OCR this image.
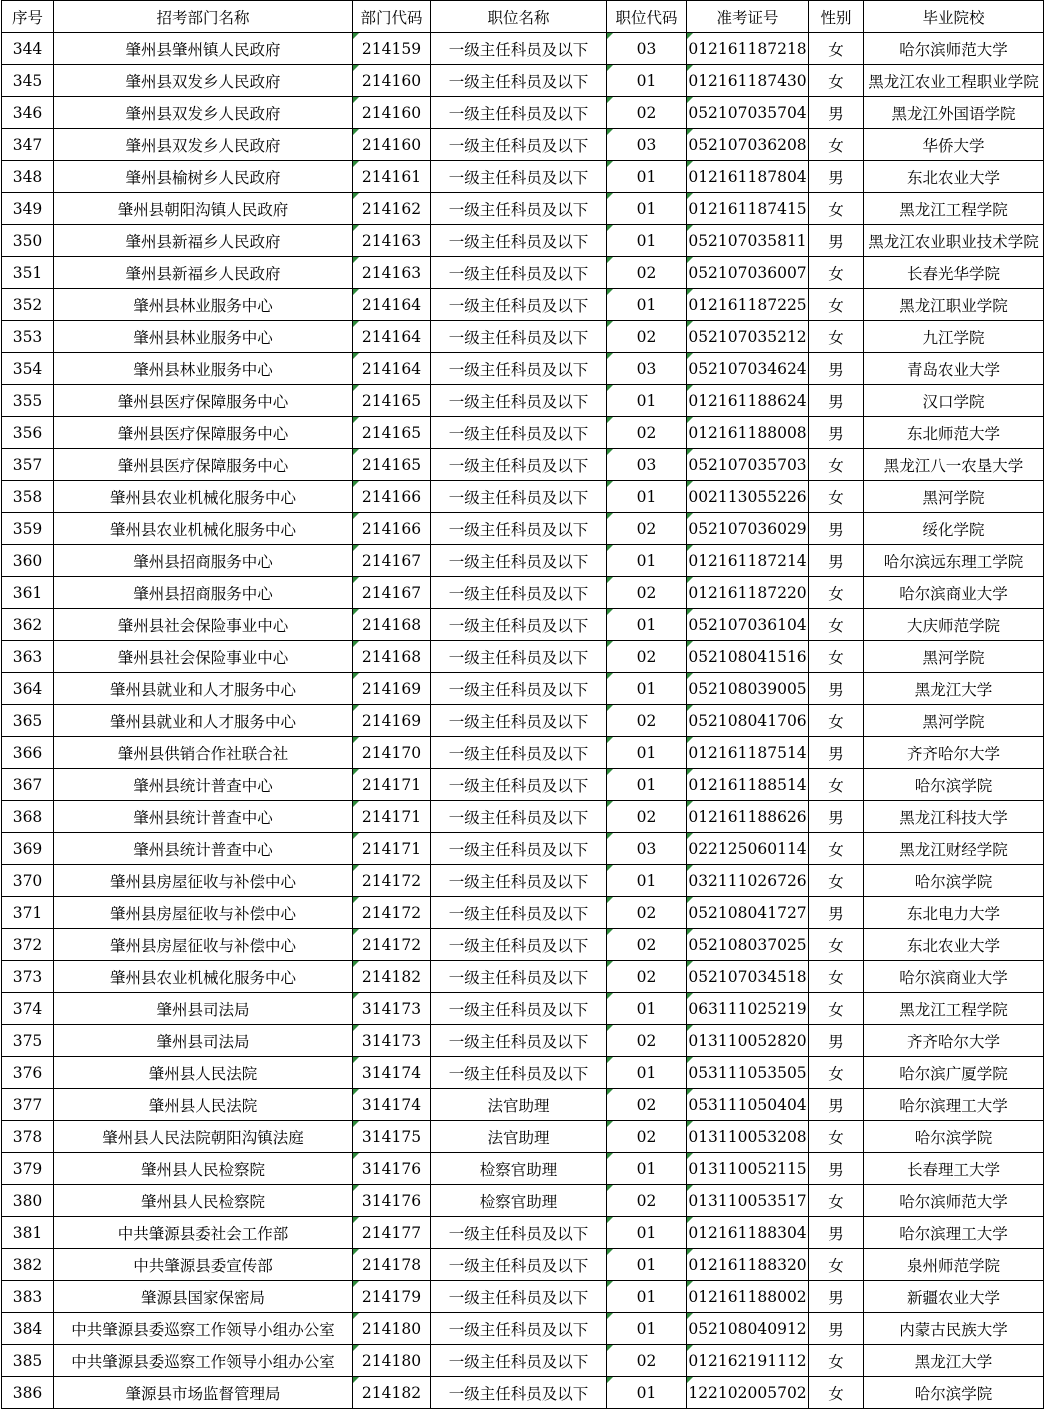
序号	招考部门名称	部门代码	职位名称	职位代码	准考证号	性别	毕业院校
344	肇州县肇州镇人民政府	214159	一级主任科员及以下	03	012161187218	女	哈尔滨师范大学
345	肇州县双发乡人民政府	214160	一级主任科员及以下	01	012161187430	女	黑龙江农业工程职业学院
346	肇州县双发乡人民政府	214160	一级主任科员及以下	02	052107035704	男	黑龙江外国语学院
347	肇州县双发乡人民政府	214160	一级主任科员及以下	03	052107036208	女	华侨大学
348	肇州县榆树乡人民政府	214161	一级主任科员及以下	01	012161187804	男	东北农业大学
349	肇州县朝阳沟镇人民政府	214162	一级主任科员及以下	01	012161187415	女	黑龙江工程学院
350	肇州县新福乡人民政府	214163	一级主任科员及以下	01	052107035811	男	黑龙江农业职业技术学院
351	肇州县新福乡人民政府	214163	一级主任科员及以下	02	052107036007	女	长春光华学院
352	肇州县林业服务中心	214164	一级主任科员及以下	01	012161187225	女	黑龙江职业学院
353	肇州县林业服务中心	214164	一级主任科员及以下	02	052107035212	女	九江学院
354	肇州县林业服务中心	214164	一级主任科员及以下	03	052107034624	男	青岛农业大学
355	肇州县医疗保障服务中心	214165	一级主任科员及以下	01	012161188624	男	汉口学院
356	肇州县医疗保障服务中心	214165	一级主任科员及以下	02	012161188008	男	东北师范大学
357	肇州县医疗保障服务中心	214165	一级主任科员及以下	03	052107035703	女	黑龙江八一农垦大学
358	肇州县农业机械化服务中心	214166	一级主任科员及以下	01	002113055226	女	黑河学院
359	肇州县农业机械化服务中心	214166	一级主任科员及以下	02	052107036029	男	绥化学院
360	肇州县招商服务中心	214167	一级主任科员及以下	01	012161187214	男	哈尔滨远东理工学院
361	肇州县招商服务中心	214167	一级主任科员及以下	02	012161187220	女	哈尔滨商业大学
362	肇州县社会保险事业中心	214168	一级主任科员及以下	01	052107036104	女	大庆师范学院
363	肇州县社会保险事业中心	214168	一级主任科员及以下	02	052108041516	女	黑河学院
364	肇州县就业和人才服务中心	214169	一级主任科员及以下	01	052108039005	男	黑龙江大学
365	肇州县就业和人才服务中心	214169	一级主任科员及以下	02	052108041706	女	黑河学院
366	肇州县供销合作社联合社	214170	一级主任科员及以下	01	012161187514	男	齐齐哈尔大学
367	肇州县统计普查中心	214171	一级主任科员及以下	01	012161188514	女	哈尔滨学院
368	肇州县统计普查中心	214171	一级主任科员及以下	02	012161188626	男	黑龙江科技大学
369	肇州县统计普查中心	214171	一级主任科员及以下	03	022125060114	女	黑龙江财经学院
370	肇州县房屋征收与补偿中心	214172	一级主任科员及以下	01	032111026726	女	哈尔滨学院
371	肇州县房屋征收与补偿中心	214172	一级主任科员及以下	02	052108041727	男	东北电力大学
372	肇州县房屋征收与补偿中心	214172	一级主任科员及以下	02	052108037025	女	东北农业大学
373	肇州县农业机械化服务中心	214182	一级主任科员及以下	02	052107034518	女	哈尔滨商业大学
374	肇州县司法局	314173	一级主任科员及以下	01	063111025219	女	黑龙江工程学院
375	肇州县司法局	314173	一级主任科员及以下	02	013110052820	男	齐齐哈尔大学
376	肇州县人民法院	314174	一级主任科员及以下	01	053111053505	女	哈尔滨广厦学院
377	肇州县人民法院	314174	法官助理	02	053111050404	男	哈尔滨理工大学
378	肇州县人民法院朝阳沟镇法庭	314175	法官助理	02	013110053208	女	哈尔滨学院
379	肇州县人民检察院	314176	检察官助理	01	013110052115	男	长春理工大学
380	肇州县人民检察院	314176	检察官助理	02	013110053517	女	哈尔滨师范大学
381	中共肇源县委社会工作部	214177	一级主任科员及以下	01	012161188304	男	哈尔滨理工大学
382	中共肇源县委宣传部	214178	一级主任科员及以下	01	012161188320	女	泉州师范学院
383	肇源县国家保密局	214179	一级主任科员及以下	01	012161188002	男	新疆农业大学
384	中共肇源县委巡察工作领导小组办公室	214180	一级主任科员及以下	01	052108040912	男	内蒙古民族大学
385	中共肇源县委巡察工作领导小组办公室	214180	一级主任科员及以下	02	012162191112	女	黑龙江大学
386	肇源县市场监督管理局	214182	一级主任科员及以下	01	122102005702	女	哈尔滨学院
